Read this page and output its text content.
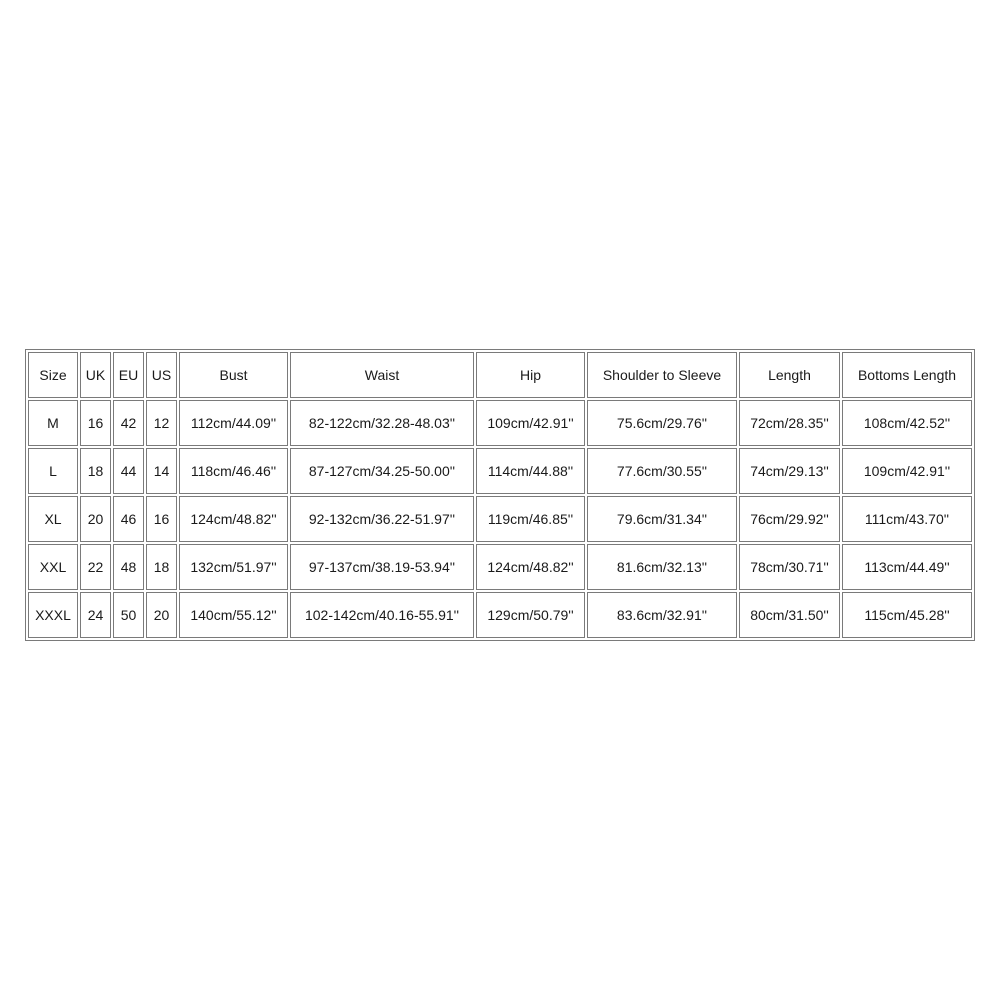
Size	UK	EU	US	Bust	Waist	Hip	Shoulder to Sleeve	Length	Bottoms Length
M	16	42	12	112cm/44.09''	82-122cm/32.28-48.03''	109cm/42.91''	75.6cm/29.76''	72cm/28.35''	108cm/42.52''
L	18	44	14	118cm/46.46''	87-127cm/34.25-50.00''	114cm/44.88''	77.6cm/30.55''	74cm/29.13''	109cm/42.91''
XL	20	46	16	124cm/48.82''	92-132cm/36.22-51.97''	119cm/46.85''	79.6cm/31.34''	76cm/29.92''	111cm/43.70''
XXL	22	48	18	132cm/51.97''	97-137cm/38.19-53.94''	124cm/48.82''	81.6cm/32.13''	78cm/30.71''	113cm/44.49''
XXXL	24	50	20	140cm/55.12''	102-142cm/40.16-55.91''	129cm/50.79''	83.6cm/32.91''	80cm/31.50''	115cm/45.28''
